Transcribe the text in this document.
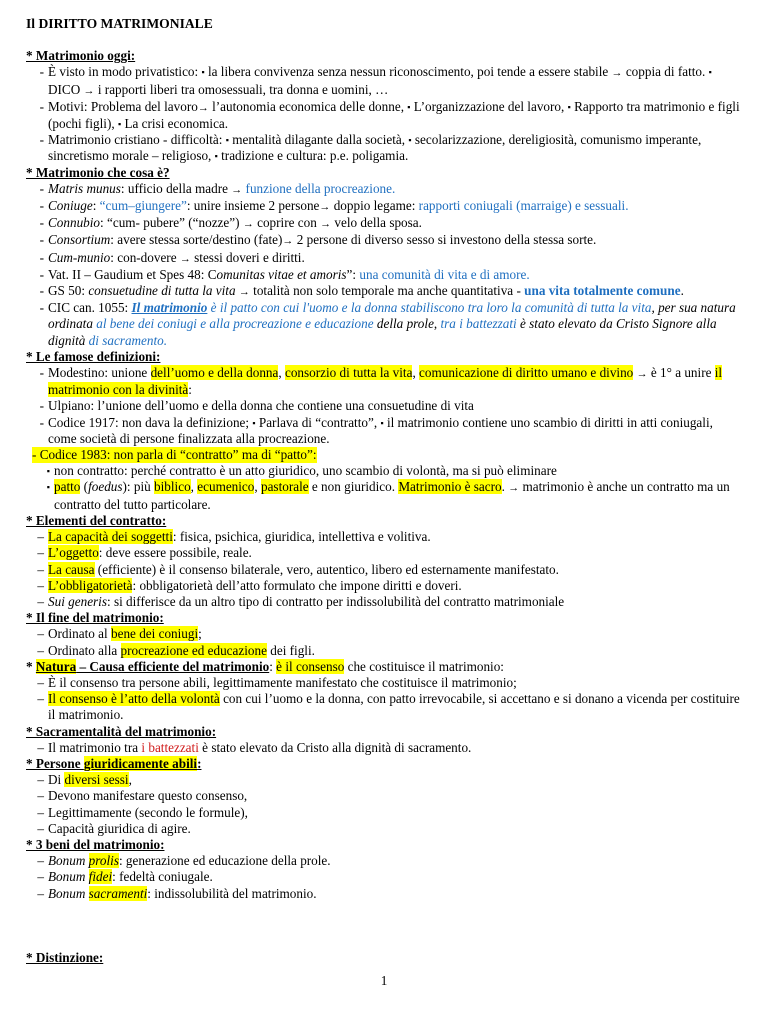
Il DIRITTO MATRIMONIALE
* Matrimonio oggi:
- È visto in modo privatistico: ▪ la libera convivenza senza nessun riconoscimento, poi tende a essere stabile → coppia di fatto. ▪ DICO → i rapporti liberi tra omosessuali, tra donna e uomini, …
- Motivi: Problema del lavoro→ l’autonomia economica delle donne, ▪ L’organizzazione del lavoro, ▪ Rapporto tra matrimonio e figli (pochi figli), ▪ La crisi economica.
- Matrimonio cristiano - difficoltà: ▪ mentalità dilagante dalla società, ▪ secolarizzazione, dereligiosità, comunismo imperante, sincretismo morale – religioso, ▪ tradizione e cultura: p.e. poligamia.
* Matrimonio che cosa è?
- Matris munus: ufficio della madre → funzione della procreazione.
- Coniuge: “cum–giungere”: unire insieme 2 persone→ doppio legame: rapporti coniugali (marraige) e sessuali.
- Connubio: “cum- pubere” (“nozze”) → coprire con → velo della sposa.
- Consortium: avere stessa sorte/destino (fate)→ 2 persone di diverso sesso si investono della stessa sorte.
- Cum-munio: con-dovere → stessi doveri e diritti.
- Vat. II – Gaudium et Spes 48: Comunitas vitae et amoris”: una comunità di vita e di amore.
- GS 50: consuetudine di tutta la vita → totalità non solo temporale ma anche quantitativa - una vita totalmente comune.
- CIC can. 1055: Il matrimonio è il patto con cui l'uomo e la donna stabiliscono tra loro la comunità di tutta la vita, per sua natura ordinata al bene dei coniugi e alla procreazione e educazione della prole, tra i battezzati è stato elevato da Cristo Signore alla dignità di sacramento.
* Le famose definizioni:
- Modestino: unione dell’uomo e della donna, consorzio di tutta la vita, comunicazione di diritto umano e divino → è 1° a unire il matrimonio con la divinità:
- Ulpiano: l’unione dell’uomo e della donna che contiene una consuetudine di vita
- Codice 1917: non dava la definizione; ▪ Parlava di “contratto”, ▪ il matrimonio contiene uno scambio di diritti in atti coniugali, come società di persone finalizzata alla procreazione.
- Codice 1983: non parla di “contratto” ma di “patto”:
▪ non contratto: perché contratto è un atto giuridico, uno scambio di volontà, ma si può eliminare
▪ patto (foedus): più biblico, ecumenico, pastorale e non giuridico. Matrimonio è sacro. → matrimonio è anche un contratto ma un contratto del tutto particolare.
* Elementi del contratto:
– La capacità dei soggetti: fisica, psichica, giuridica, intellettiva e volitiva.
– L’oggetto: deve essere possibile, reale.
– La causa (efficiente) è il consenso bilaterale, vero, autentico, libero ed esternamente manifestato.
– L’obbligatorietà: obbligatorietà dell’atto formulato che impone diritti e doveri.
– Sui generis: si differisce da un altro tipo di contratto per indissolubilità del contratto matrimoniale
* Il fine del matrimonio:
– Ordinato al bene dei coniugi;
– Ordinato alla procreazione ed educazione dei figli.
* Natura – Causa efficiente del matrimonio: è il consenso che costituisce il matrimonio:
– È il consenso tra persone abili, legittimamente manifestato che costituisce il matrimonio;
– Il consenso è l’atto della volontà con cui l’uomo e la donna, con patto irrevocabile, si accettano e si donano a vicenda per costituire il matrimonio.
* Sacramentalità del matrimonio:
– Il matrimonio tra i battezzati è stato elevato da Cristo alla dignità di sacramento.
* Persone giuridicamente abili:
– Di diversi sessi,
– Devono manifestare questo consenso,
– Legittimamente (secondo le formule),
– Capacità giuridica di agire.
* 3 beni del matrimonio:
– Bonum prolis: generazione ed educazione della prole.
– Bonum fidei: fedeltà coniugale.
– Bonum sacramenti: indissolubilità del matrimonio.
* Distinzione:
1
